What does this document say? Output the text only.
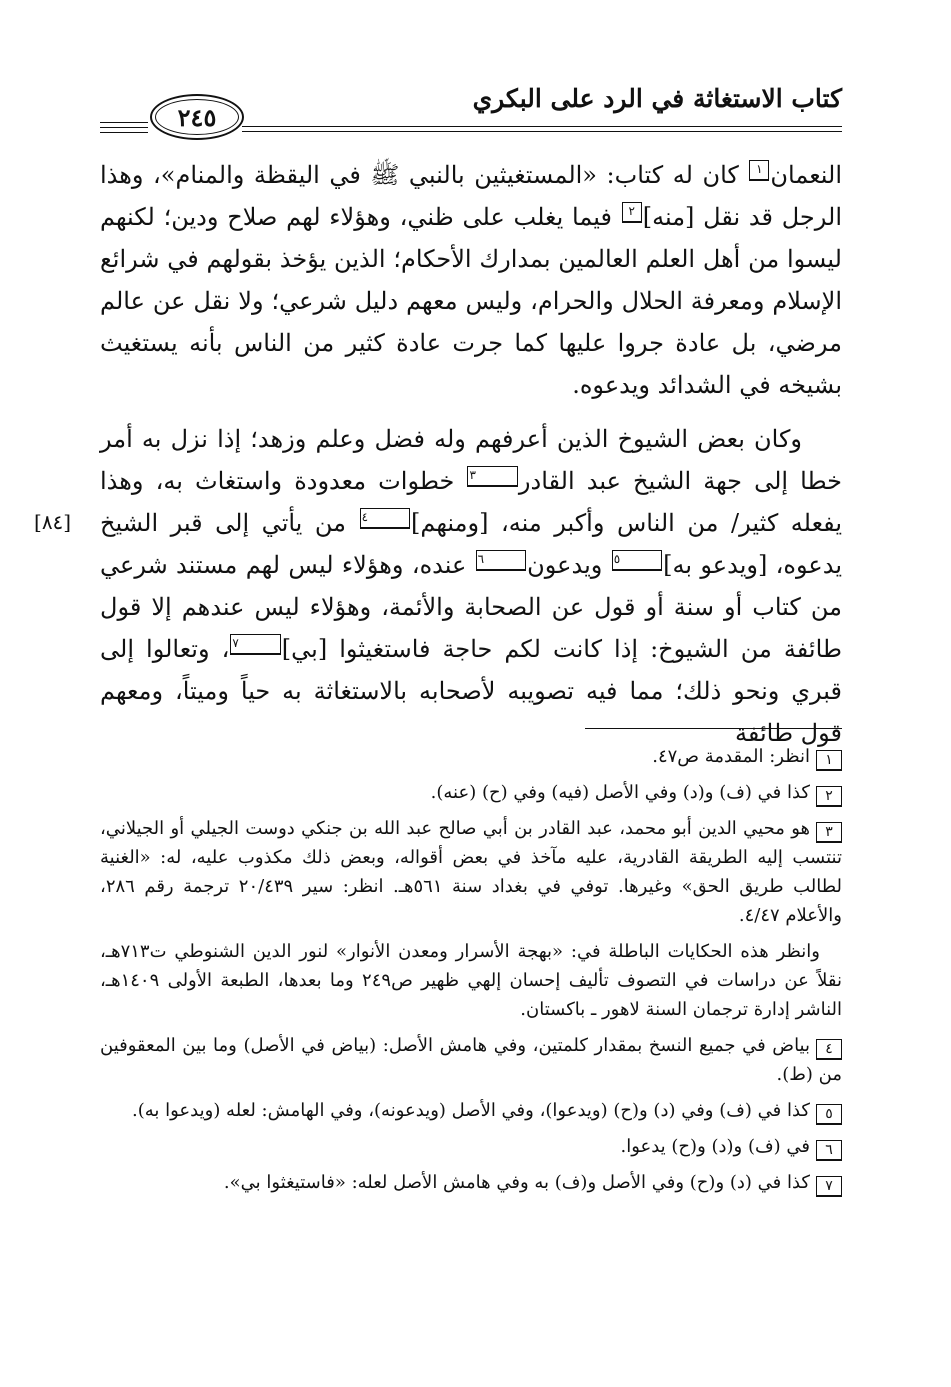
كتاب الاستغاثة في الرد على البكري
٢٤٥

النعمان١ كان له كتاب: «المستغيثين بالنبي ﷺ في اليقظة والمنام»، وهذا الرجل قد نقل [منه]٢ فيما يغلب على ظني، وهؤلاء لهم صلاح ودين؛ لكنهم ليسوا من أهل العلم العالمين بمدارك الأحكام؛ الذين يؤخذ بقولهم في شرائع الإسلام ومعرفة الحلال والحرام، وليس معهم دليل شرعي؛ ولا نقل عن عالم مرضي، بل عادة جروا عليها كما جرت عادة كثير من الناس بأنه يستغيث بشيخه في الشدائد ويدعوه.

وكان بعض الشيوخ الذين أعرفهم وله فضل وعلم وزهد؛ إذا نزل به أمر خطا إلى جهة الشيخ عبد القادر٣ خطوات معدودة واستغاث به، وهذا يفعله كثير/ من الناس وأكبر منه، [ومنهم]٤ من يأتي إلى قبر الشيخ يدعوه، [ويدعو به]٥ ويدعون٦ عنده، وهؤلاء ليس لهم مستند شرعي من كتاب أو سنة أو قول عن الصحابة والأئمة، وهؤلاء ليس عندهم إلا قول طائفة من الشيوخ: إذا كانت لكم حاجة فاستغيثوا [بي]٧، وتعالوا إلى قبري ونحو ذلك؛ مما فيه تصويبه لأصحابه بالاستغاثة به حياً وميتاً، ومعهم قول طائفة

[٨٤]

١انظر: المقدمة ص٤٧.

٢كذا في (ف) و(د) وفي الأصل (فيه) وفي (ح) (عنه).

٣هو محيي الدين أبو محمد، عبد القادر بن أبي صالح عبد الله بن جنكي دوست الجيلي أو الجيلاني، تنتسب إليه الطريقة القادرية، عليه مآخذ في بعض أقواله، وبعض ذلك مكذوب عليه، له: «الغنية لطالب طريق الحق» وغيرها. توفي في بغداد سنة ٥٦١هـ. انظر: سير ٢٠/٤٣٩ ترجمة رقم ٢٨٦، والأعلام ٤/٤٧.

وانظر هذه الحكايات الباطلة في: «بهجة الأسرار ومعدن الأنوار» لنور الدين الشنوطي ت٧١٣هـ، نقلاً عن دراسات في التصوف تأليف إحسان إلهي ظهير ص٢٤٩ وما بعدها، الطبعة الأولى ١٤٠٩هـ، الناشر إدارة ترجمان السنة لاهور ـ باكستان.

٤بياض في جميع النسخ بمقدار كلمتين، وفي هامش الأصل: (بياض في الأصل) وما بين المعقوفين من (ط).

٥كذا في (ف) وفي (د) و(ح) (ويدعوا)، وفي الأصل (ويدعونه)، وفي الهامش: لعله (ويدعوا به).

٦في (ف) و(د) و(ح) يدعوا.

٧كذا في (د) و(ح) وفي الأصل و(ف) به وفي هامش الأصل لعله: «فاستيغثوا بي».
